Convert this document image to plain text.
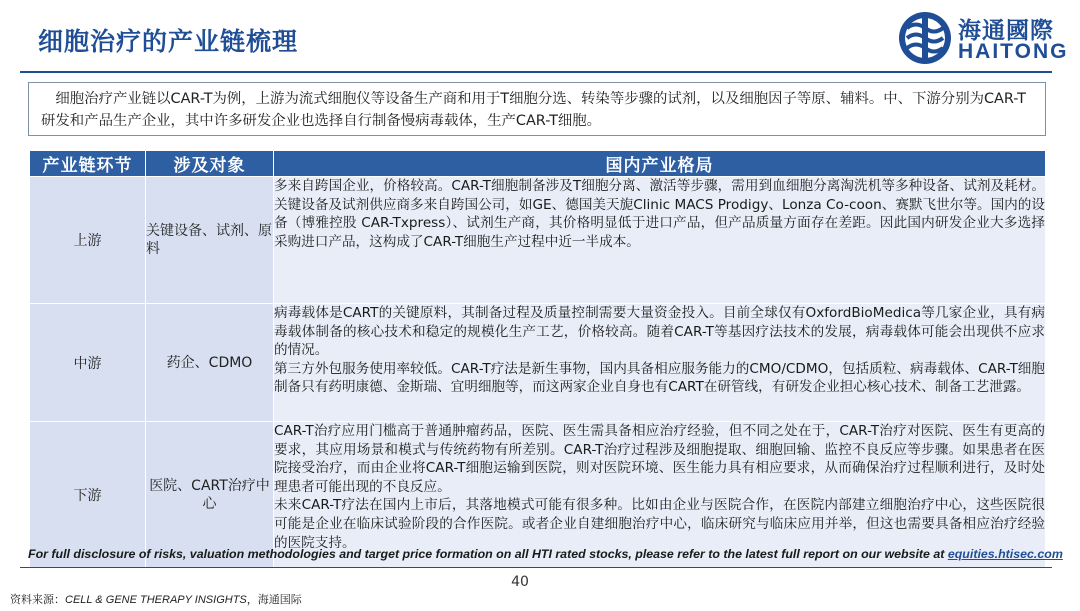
细胞治疗的产业链梳理	海通國際
HAITONG
细胞治疗产业链以CAR-T为例，上游为流式细胞仪等设备生产商和用于T细胞分选、转染等步骤的试剂，以及细胞因子等原、辅料。中、下游分别为CAR-T研发和产品生产企业，其中许多研发企业也选择自行制备慢病毒载体，生产CAR-T细胞。
产业链环节	涉及对象	国内产业格局
上游	关键设备、试剂、原料	多来自跨国企业，价格较高。CAR-T细胞制备涉及T细胞分离、激活等步骤，需用到血细胞分离淘洗机等多种设备、试剂及耗材。关键设备及试剂供应商多来自跨国公司，如GE、德国美天旎Clinic MACS Prodigy、Lonza Co-coon、赛默飞世尔等。国内的设备（博雅控股 CAR-Txpress）、试剂生产商，其价格明显低于进口产品，但产品质量方面存在差距。因此国内研发企业大多选择采购进口产品，这构成了CAR-T细胞生产过程中近一半成本。

中游	药企、CDMO	病毒载体是CART的关键原料，其制备过程及质量控制需要大量资金投入。目前全球仅有OxfordBioMedica等几家企业，具有病毒载体制备的核心技术和稳定的规模化生产工艺，价格较高。随着CAR-T等基因疗法技术的发展，病毒载体可能会出现供不应求的情况。
第三方外包服务使用率较低。CAR-T疗法是新生事物，国内具备相应服务能力的CMO/CDMO，包括质粒、病毒载体、CAR-T细胞制备只有药明康德、金斯瑞、宜明细胞等，而这两家企业自身也有CART在研管线，有研发企业担心核心技术、制备工艺泄露。

下游	医院、CART治疗中心	CAR-T治疗应用门槛高于普通肿瘤药品，医院、医生需具备相应治疗经验，但不同之处在于，CAR-T治疗对医院、医生有更高的要求，其应用场景和模式与传统药物有所差别。CAR-T治疗过程涉及细胞提取、细胞回输、监控不良反应等步骤。如果患者在医院接受治疗，而由企业将CAR-T细胞运输到医院，则对医院环境、医生能力具有相应要求，从而确保治疗过程顺利进行，及时处理患者可能出现的不良反应。
未来CAR-T疗法在国内上市后，其落地模式可能有很多种。比如由企业与医院合作，在医院内部建立细胞治疗中心，这些医院很可能是企业在临床试验阶段的合作医院。或者企业自建细胞治疗中心，临床研究与临床应用并举，但这也需要具备相应治疗经验的医院支持。
For full disclosure of risks, valuation methodologies and target price formation on all HTI rated stocks, please refer to the latest full report on our website at equities.htisec.com
40
资料来源：CELL & GENE THERAPY INSIGHTS，海通国际
